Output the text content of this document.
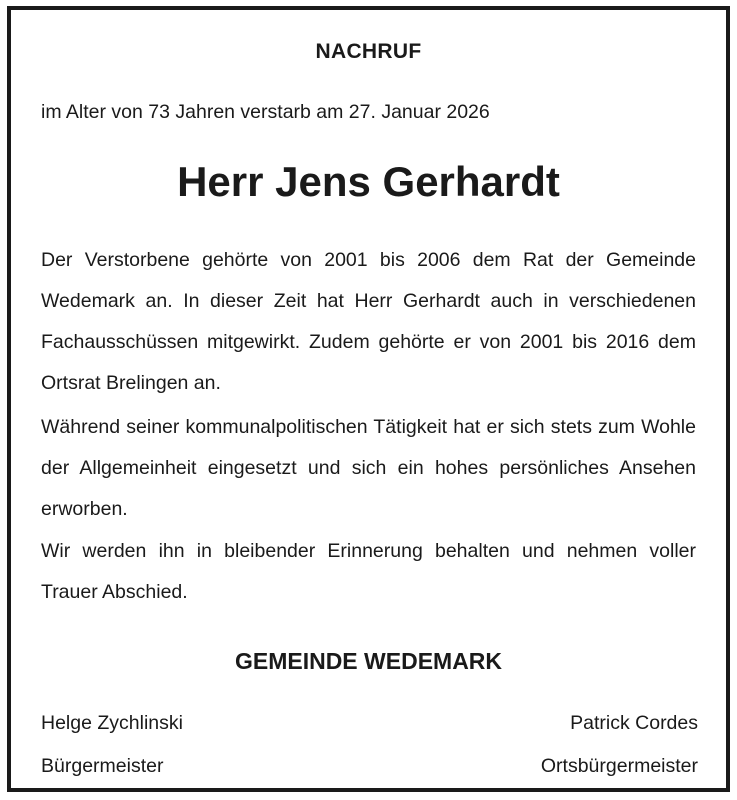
NACHRUF
im Alter von 73 Jahren verstarb am 27. Januar 2026
Herr Jens Gerhardt
Der Verstorbene gehörte von 2001 bis 2006 dem Rat der Gemeinde Wedemark an. In dieser Zeit hat Herr Gerhardt auch in verschiedenen Fachausschüssen mitgewirkt. Zudem gehörte er von 2001 bis 2016 dem Ortsrat Brelingen an.
Während seiner kommunalpolitischen Tätigkeit hat er sich stets zum Wohle der Allgemeinheit eingesetzt und sich ein hohes persönliches Ansehen erworben.
Wir werden ihn in bleibender Erinnerung behalten und nehmen voller Trauer Abschied.
GEMEINDE WEDEMARK
Helge Zychlinski
Bürgermeister
Patrick Cordes
Ortsbürgermeister
